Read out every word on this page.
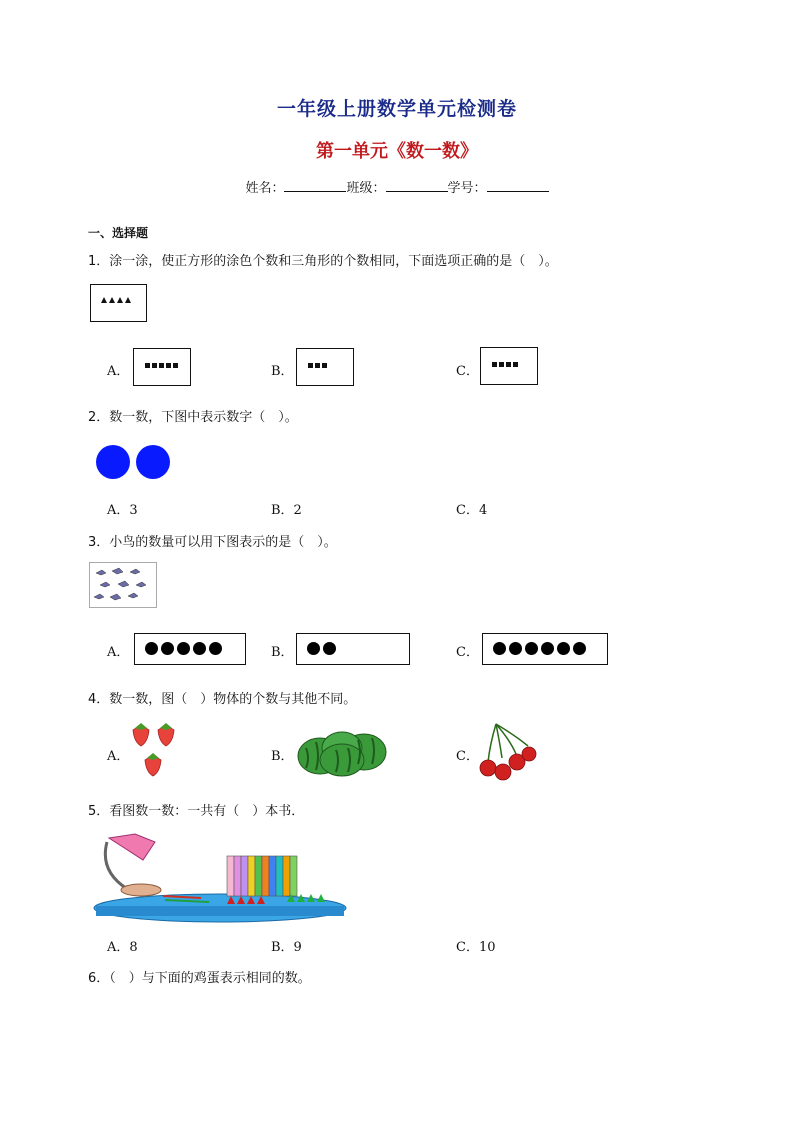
一年级上册数学单元检测卷
第一单元《数一数》
姓名：	班级：	学号：
一、选择题
1．涂一涂，使正方形的涂色个数和三角形的个数相同，下面选项正确的是（　）。
A．	B．	C．
2．数一数，下图中表示数字（　）。
A．3	B．2	C．4
3．小鸟的数量可以用下图表示的是（　）。
A．	B．	C．
4．数一数，图（　）物体的个数与其他不同。
A．	B．	C．
5．看图数一数：一共有（　）本书．
A．8	B．9	C．10
6．（　）与下面的鸡蛋表示相同的数。
